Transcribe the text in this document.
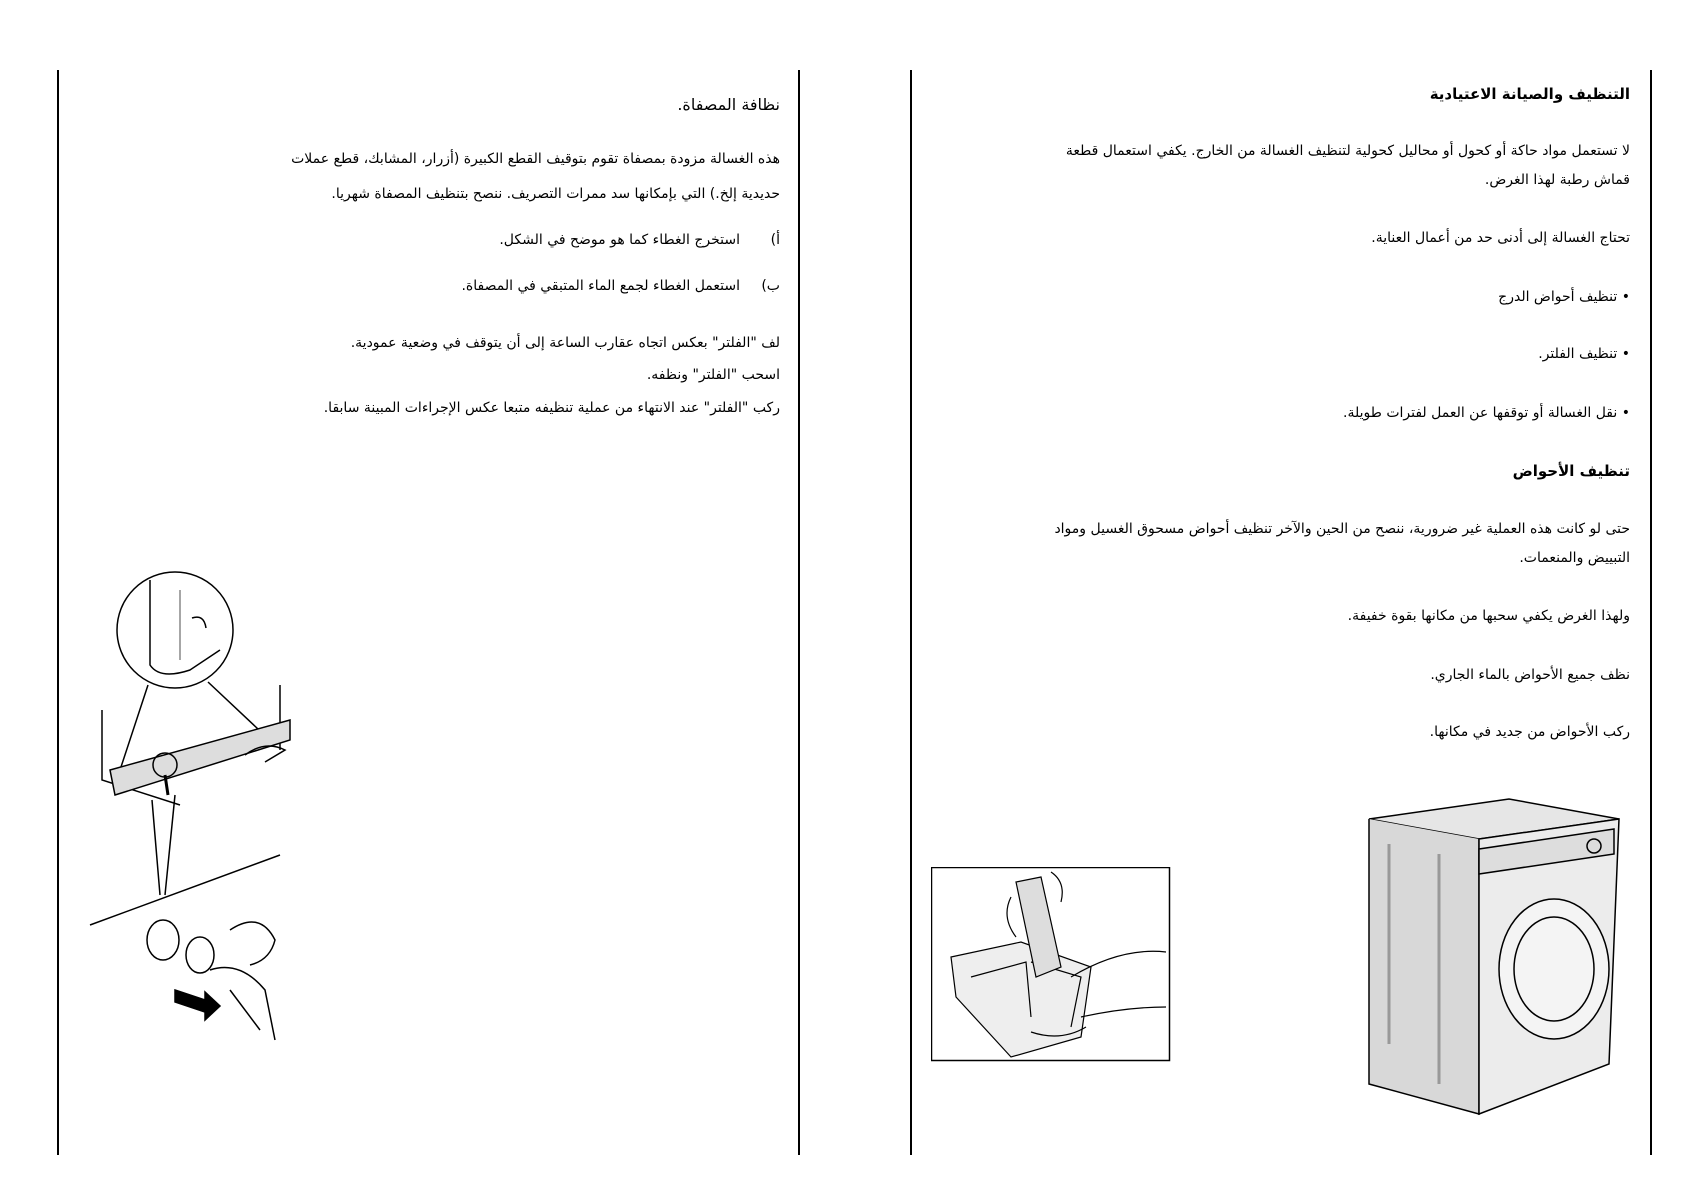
التنظيف والصيانة الاعتيادية
لا تستعمل مواد حاكة أو كحول أو محاليل كحولية لتنظيف الغسالة من الخارج. يكفي استعمال قطعة
قماش رطبة لهذا الغرض.
تحتاج الغسالة إلى أدنى حد من أعمال العناية.
• تنظيف أحواض الدرج
• تنظيف الفلتر.
• نقل الغسالة أو توقفها عن العمل لفترات طويلة.
تنظيف الأحواض
حتى لو كانت هذه العملية غير ضرورية، ننصح من الحين والآخر تنظيف أحواض مسحوق الغسيل ومواد
التبييض والمنعمات.
ولهذا الغرض يكفي سحبها من مكانها بقوة خفيفة.
نظف جميع الأحواض بالماء الجاري.
ركب الأحواض من جديد في مكانها.
نظافة المصفاة.
هذه الغسالة مزودة بمصفاة تقوم بتوقيف القطع الكبيرة (أزرار، المشابك، قطع عملات
حديدية إلخ.) التي بإمكانها سد ممرات التصريف. ننصح بتنظيف المصفاة شهريا.
أ)
استخرج الغطاء كما هو موضح في الشكل.
ب)
استعمل الغطاء لجمع الماء المتبقي في المصفاة.
لف "الفلتر" بعكس اتجاه عقارب الساعة إلى أن يتوقف في وضعية عمودية.
اسحب "الفلتر" ونظفه.
ركب "الفلتر" عند الانتهاء من عملية تنظيفه متبعا عكس الإجراءات المبينة سابقا.
